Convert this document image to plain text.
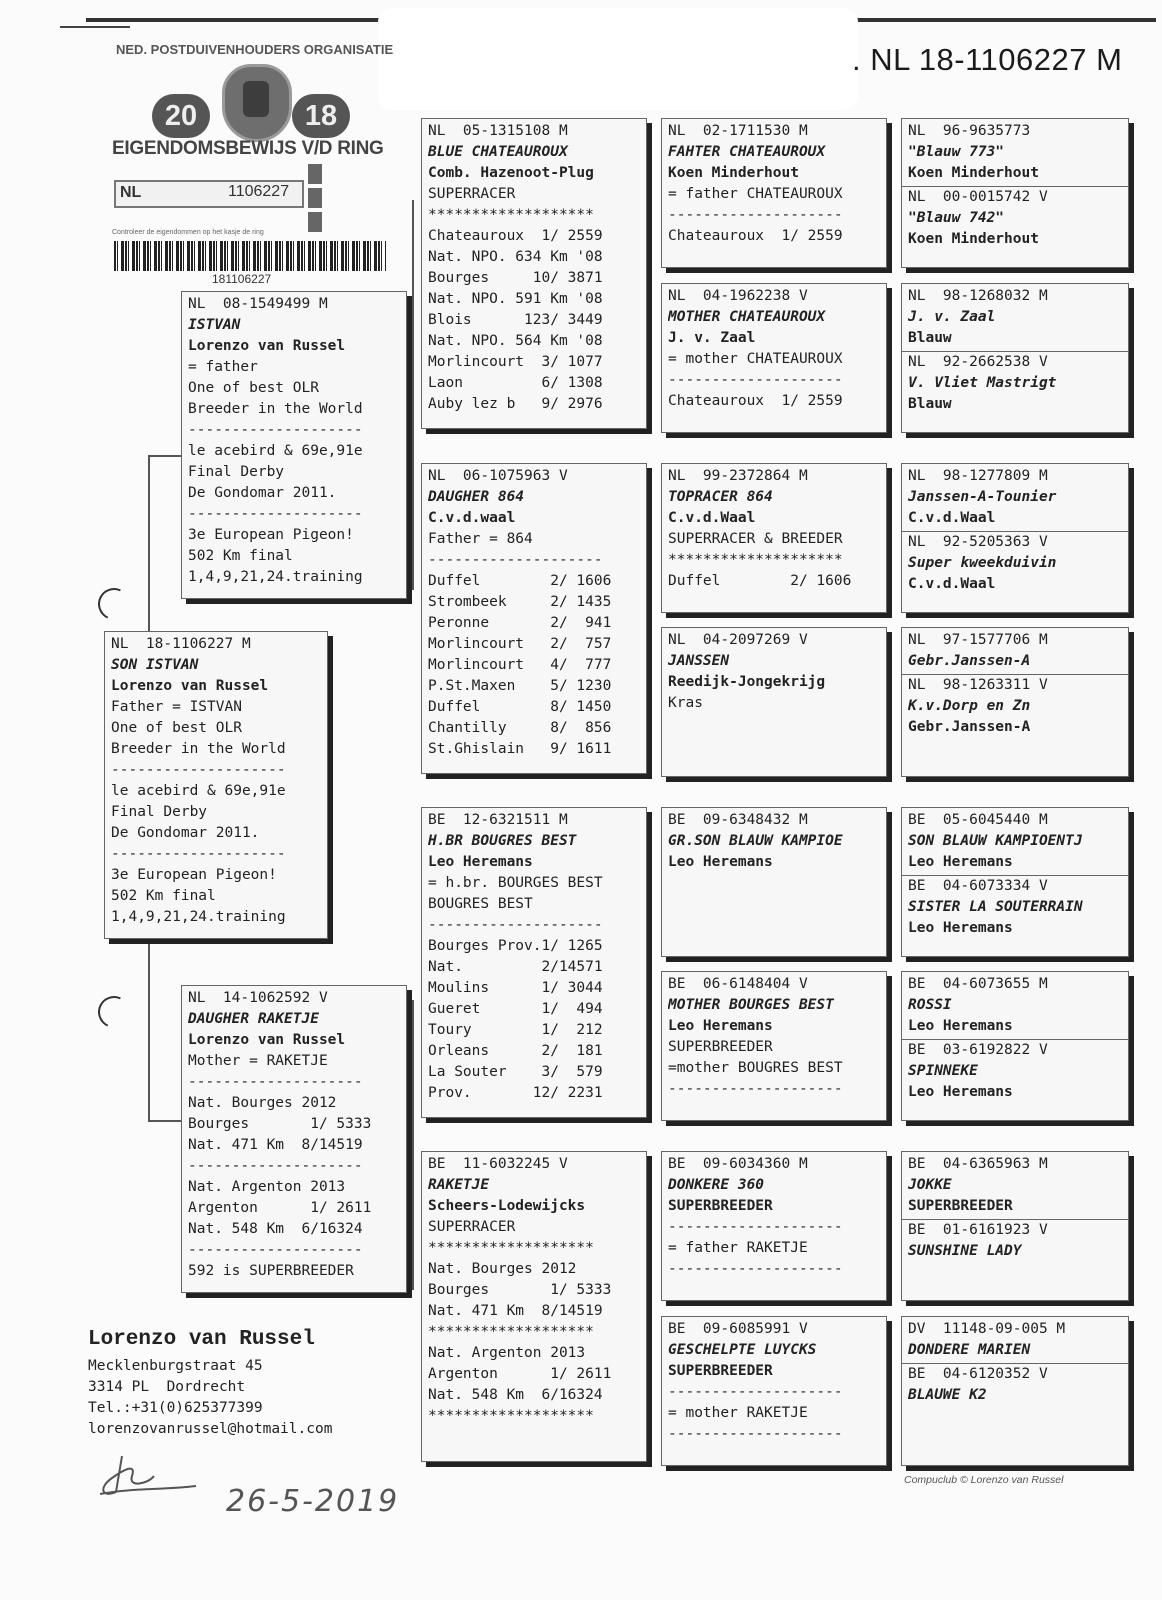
. NL 18-1106227 M
NED. POSTDUIVENHOUDERS ORGANISATIE
20	18
EIGENDOMSBEWIJS V/D RING
NL	1106227
Controleer de eigendommen op het kasje de ring
181106227
NL  18-1106227 M
SON ISTVAN
Lorenzo van Russel
Father = ISTVAN
One of best OLR
Breeder in the World
--------------------
le acebird & 69e,91e
Final Derby
De Gondomar 2011.
--------------------
3e European Pigeon!
502 Km final
1,4,9,21,24.training
NL  08-1549499 M
ISTVAN
Lorenzo van Russel
= father
One of best OLR
Breeder in the World
--------------------
le acebird & 69e,91e
Final Derby
De Gondomar 2011.
--------------------
3e European Pigeon!
502 Km final
1,4,9,21,24.training
NL  14-1062592 V
DAUGHER RAKETJE
Lorenzo van Russel
Mother = RAKETJE
--------------------
Nat. Bourges 2012
Bourges       1/ 5333
Nat. 471 Km  8/14519
--------------------
Nat. Argenton 2013
Argenton      1/ 2611
Nat. 548 Km  6/16324
--------------------
592 is SUPERBREEDER
NL  05-1315108 M
BLUE CHATEAUROUX
Comb. Hazenoot-Plug
SUPERRACER
*******************
Chateauroux  1/ 2559
Nat. NPO. 634 Km '08
Bourges     10/ 3871
Nat. NPO. 591 Km '08
Blois      123/ 3449
Nat. NPO. 564 Km '08
Morlincourt  3/ 1077
Laon         6/ 1308
Auby lez b   9/ 2976
NL  06-1075963 V
DAUGHER 864
C.v.d.waal
Father = 864
--------------------
Duffel        2/ 1606
Strombeek     2/ 1435
Peronne       2/  941
Morlincourt   2/  757
Morlincourt   4/  777
P.St.Maxen    5/ 1230
Duffel        8/ 1450
Chantilly     8/  856
St.Ghislain   9/ 1611
BE  12-6321511 M
H.BR BOUGRES BEST
Leo Heremans
= h.br. BOURGES BEST
BOUGRES BEST
--------------------
Bourges Prov.1/ 1265
Nat.         2/14571
Moulins      1/ 3044
Gueret       1/  494
Toury        1/  212
Orleans      2/  181
La Souter    3/  579
Prov.       12/ 2231
BE  11-6032245 V
RAKETJE
Scheers-Lodewijcks
SUPERRACER
*******************
Nat. Bourges 2012
Bourges       1/ 5333
Nat. 471 Km  8/14519
*******************
Nat. Argenton 2013
Argenton      1/ 2611
Nat. 548 Km  6/16324
*******************
NL  02-1711530 M
FAHTER CHATEAUROUX
Koen Minderhout
= father CHATEAUROUX
--------------------
Chateauroux  1/ 2559
NL  04-1962238 V
MOTHER CHATEAUROUX
J. v. Zaal
= mother CHATEAUROUX
--------------------
Chateauroux  1/ 2559
NL  99-2372864 M
TOPRACER 864
C.v.d.Waal
SUPERRACER & BREEDER
********************
Duffel        2/ 1606
NL  04-2097269 V
JANSSEN
Reedijk-Jongekrijg
Kras
BE  09-6348432 M
GR.SON BLAUW KAMPIOE
Leo Heremans
BE  06-6148404 V
MOTHER BOURGES BEST
Leo Heremans
SUPERBREEDER
=mother BOUGRES BEST
--------------------
BE  09-6034360 M
DONKERE 360
SUPERBREEDER
--------------------
= father RAKETJE
--------------------
BE  09-6085991 V
GESCHELPTE LUYCKS
SUPERBREEDER
--------------------
= mother RAKETJE
--------------------
NL  96-9635773
"Blauw 773"
Koen Minderhout
NL  00-0015742 V
"Blauw 742"
Koen Minderhout
NL  98-1268032 M
J. v. Zaal
Blauw
NL  92-2662538 V
V. Vliet Mastrigt
Blauw
NL  98-1277809 M
Janssen-A-Tounier
C.v.d.Waal
NL  92-5205363 V
Super kweekduivin
C.v.d.Waal
NL  97-1577706 M
Gebr.Janssen-A
NL  98-1263311 V
K.v.Dorp en Zn
Gebr.Janssen-A
BE  05-6045440 M
SON BLAUW KAMPIOENTJ
Leo Heremans
BE  04-6073334 V
SISTER LA SOUTERRAIN
Leo Heremans
BE  04-6073655 M
ROSSI
Leo Heremans
BE  03-6192822 V
SPINNEKE
Leo Heremans
BE  04-6365963 M
JOKKE
SUPERBREEDER
BE  01-6161923 V
SUNSHINE LADY
DV  11148-09-005 M
DONDERE MARIEN
BE  04-6120352 V
BLAUWE K2
Lorenzo van Russel
Mecklenburgstraat 45
3314 PL  Dordrecht
Tel.:+31(0)625377399
lorenzovanrussel@hotmail.com
26-5-2019
Compuclub © Lorenzo van Russel
